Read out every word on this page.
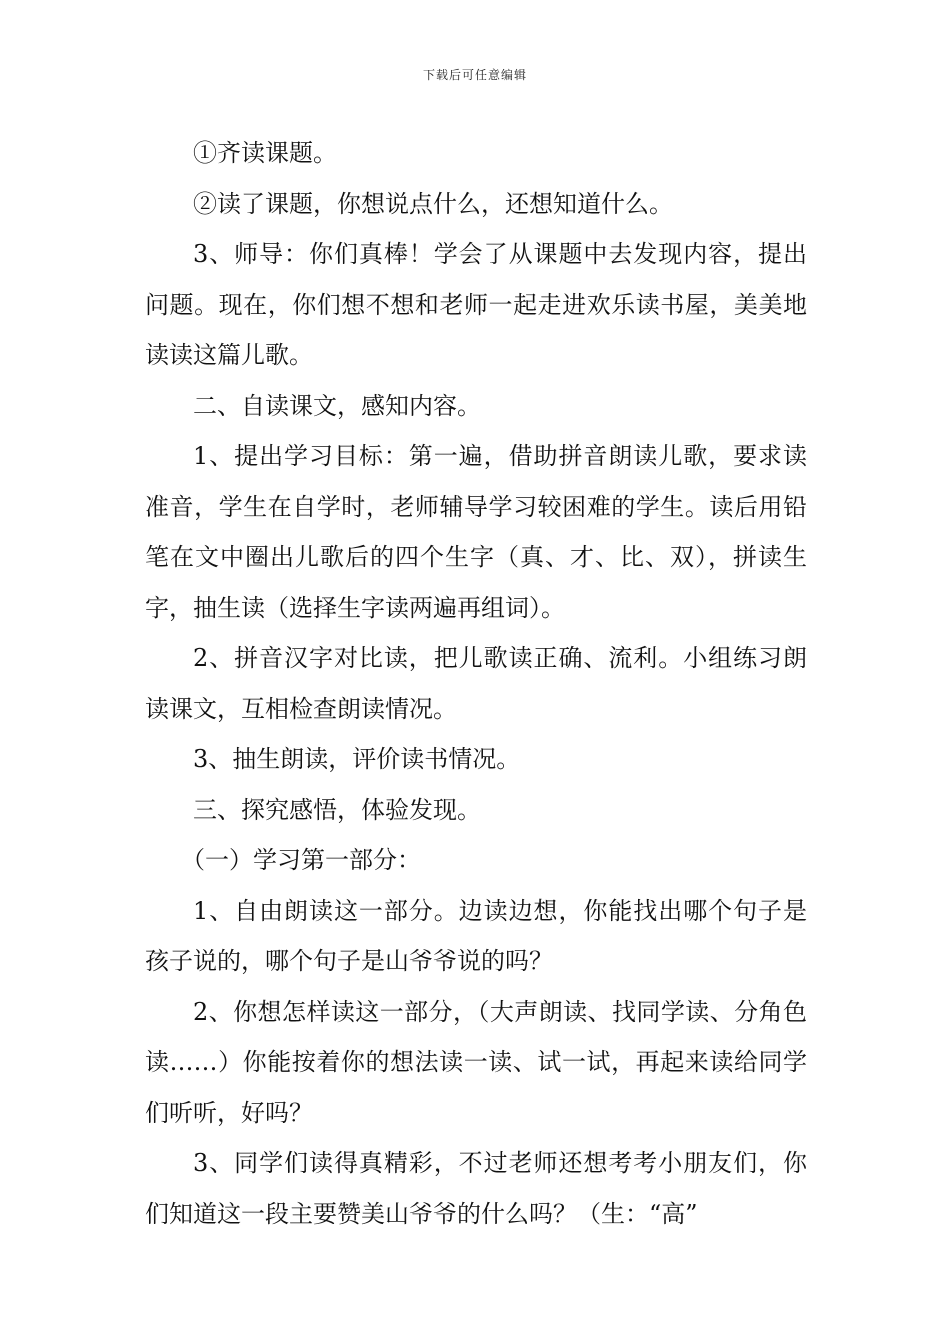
下载后可任意编辑

①齐读课题。

②读了课题，你想说点什么，还想知道什么。

3、师导：你们真棒！学会了从课题中去发现内容，提出问题。现在，你们想不想和老师一起走进欢乐读书屋，美美地读读这篇儿歌。

二、自读课文，感知内容。

1、提出学习目标：第一遍，借助拼音朗读儿歌，要求读准音，学生在自学时，老师辅导学习较困难的学生。读后用铅笔在文中圈出儿歌后的四个生字（真、才、比、双），拼读生字，抽生读（选择生字读两遍再组词）。

2、拼音汉字对比读，把儿歌读正确、流利。小组练习朗读课文，互相检查朗读情况。

3、抽生朗读，评价读书情况。

三、探究感悟，体验发现。

（一）学习第一部分：

1、自由朗读这一部分。边读边想，你能找出哪个句子是孩子说的，哪个句子是山爷爷说的吗？

2、你想怎样读这一部分，（大声朗读、找同学读、分角色读……）你能按着你的想法读一读、试一试，再起来读给同学们听听，好吗？

3、同学们读得真精彩，不过老师还想考考小朋友们，你们知道这一段主要赞美山爷爷的什么吗？（生：“高”
